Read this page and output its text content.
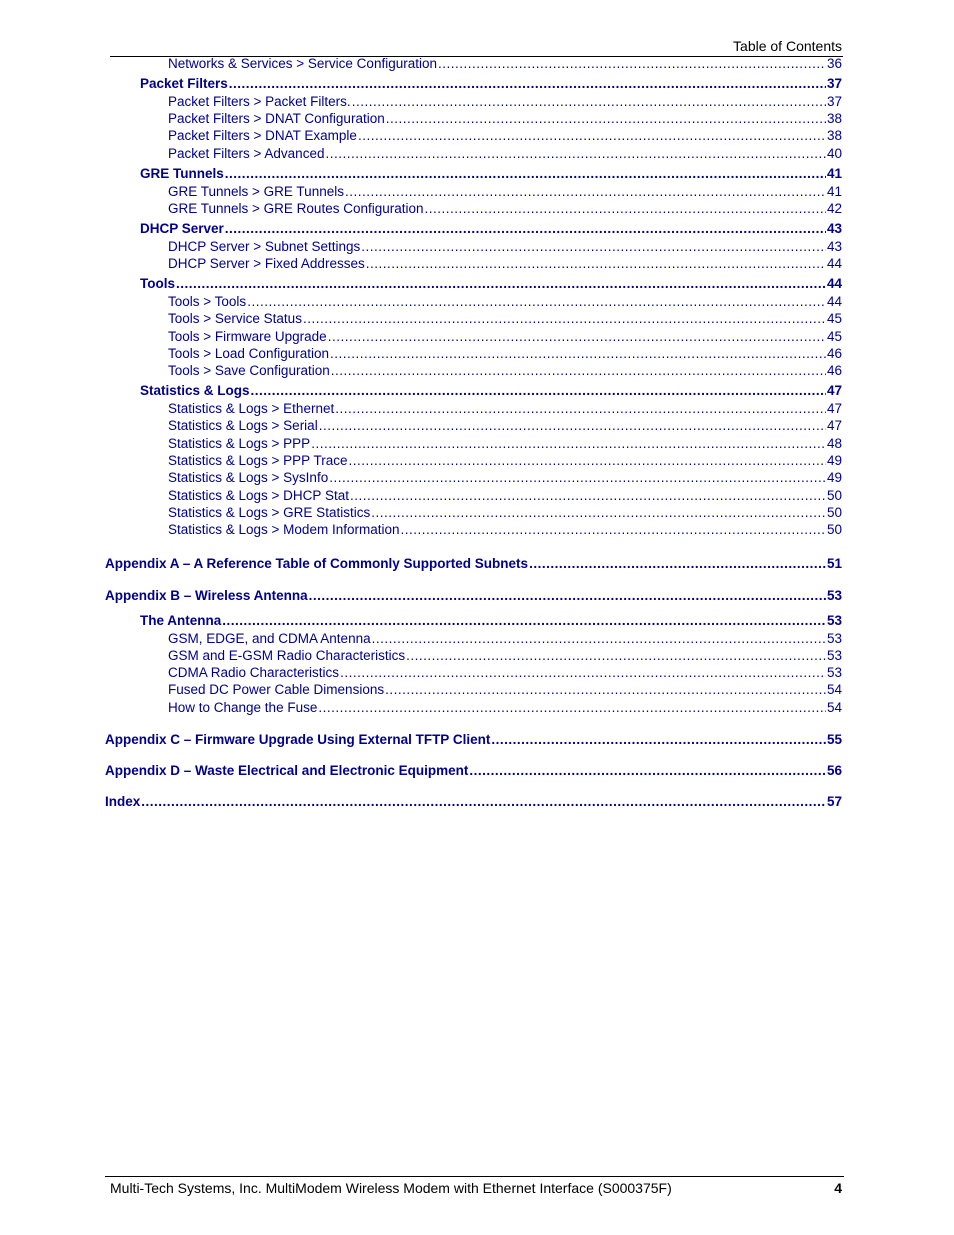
Table of Contents
Networks & Services > Service Configuration .....	36
Packet Filters .....	37
Packet Filters > Packet Filters. .....	37
Packet Filters > DNAT Configuration .....	38
Packet Filters > DNAT Example .....	38
Packet Filters > Advanced .....	40
GRE Tunnels .....	41
GRE Tunnels > GRE Tunnels .....	41
GRE Tunnels > GRE Routes Configuration .....	42
DHCP Server .....	43
DHCP Server > Subnet Settings .....	43
DHCP Server > Fixed Addresses .....	44
Tools .....	44
Tools > Tools .....	44
Tools > Service Status .....	45
Tools > Firmware Upgrade .....	45
Tools > Load Configuration .....	46
Tools > Save Configuration .....	46
Statistics & Logs .....	47
Statistics & Logs > Ethernet .....	47
Statistics & Logs > Serial .....	47
Statistics & Logs > PPP .....	48
Statistics & Logs > PPP Trace .....	49
Statistics & Logs > SysInfo .....	49
Statistics & Logs > DHCP Stat .....	50
Statistics & Logs > GRE Statistics .....	50
Statistics & Logs > Modem Information .....	50
Appendix A – A Reference Table of Commonly Supported Subnets .....	51
Appendix B – Wireless Antenna .....	53
The Antenna .....	53
GSM, EDGE, and CDMA Antenna .....	53
GSM and E-GSM Radio Characteristics .....	53
CDMA Radio Characteristics .....	53
Fused DC Power Cable Dimensions .....	54
How to Change the Fuse .....	54
Appendix C – Firmware Upgrade Using External TFTP Client .....	55
Appendix D – Waste Electrical and Electronic Equipment .....	56
Index .....	57
Multi-Tech Systems, Inc. MultiModem Wireless Modem with Ethernet Interface (S000375F)	4
